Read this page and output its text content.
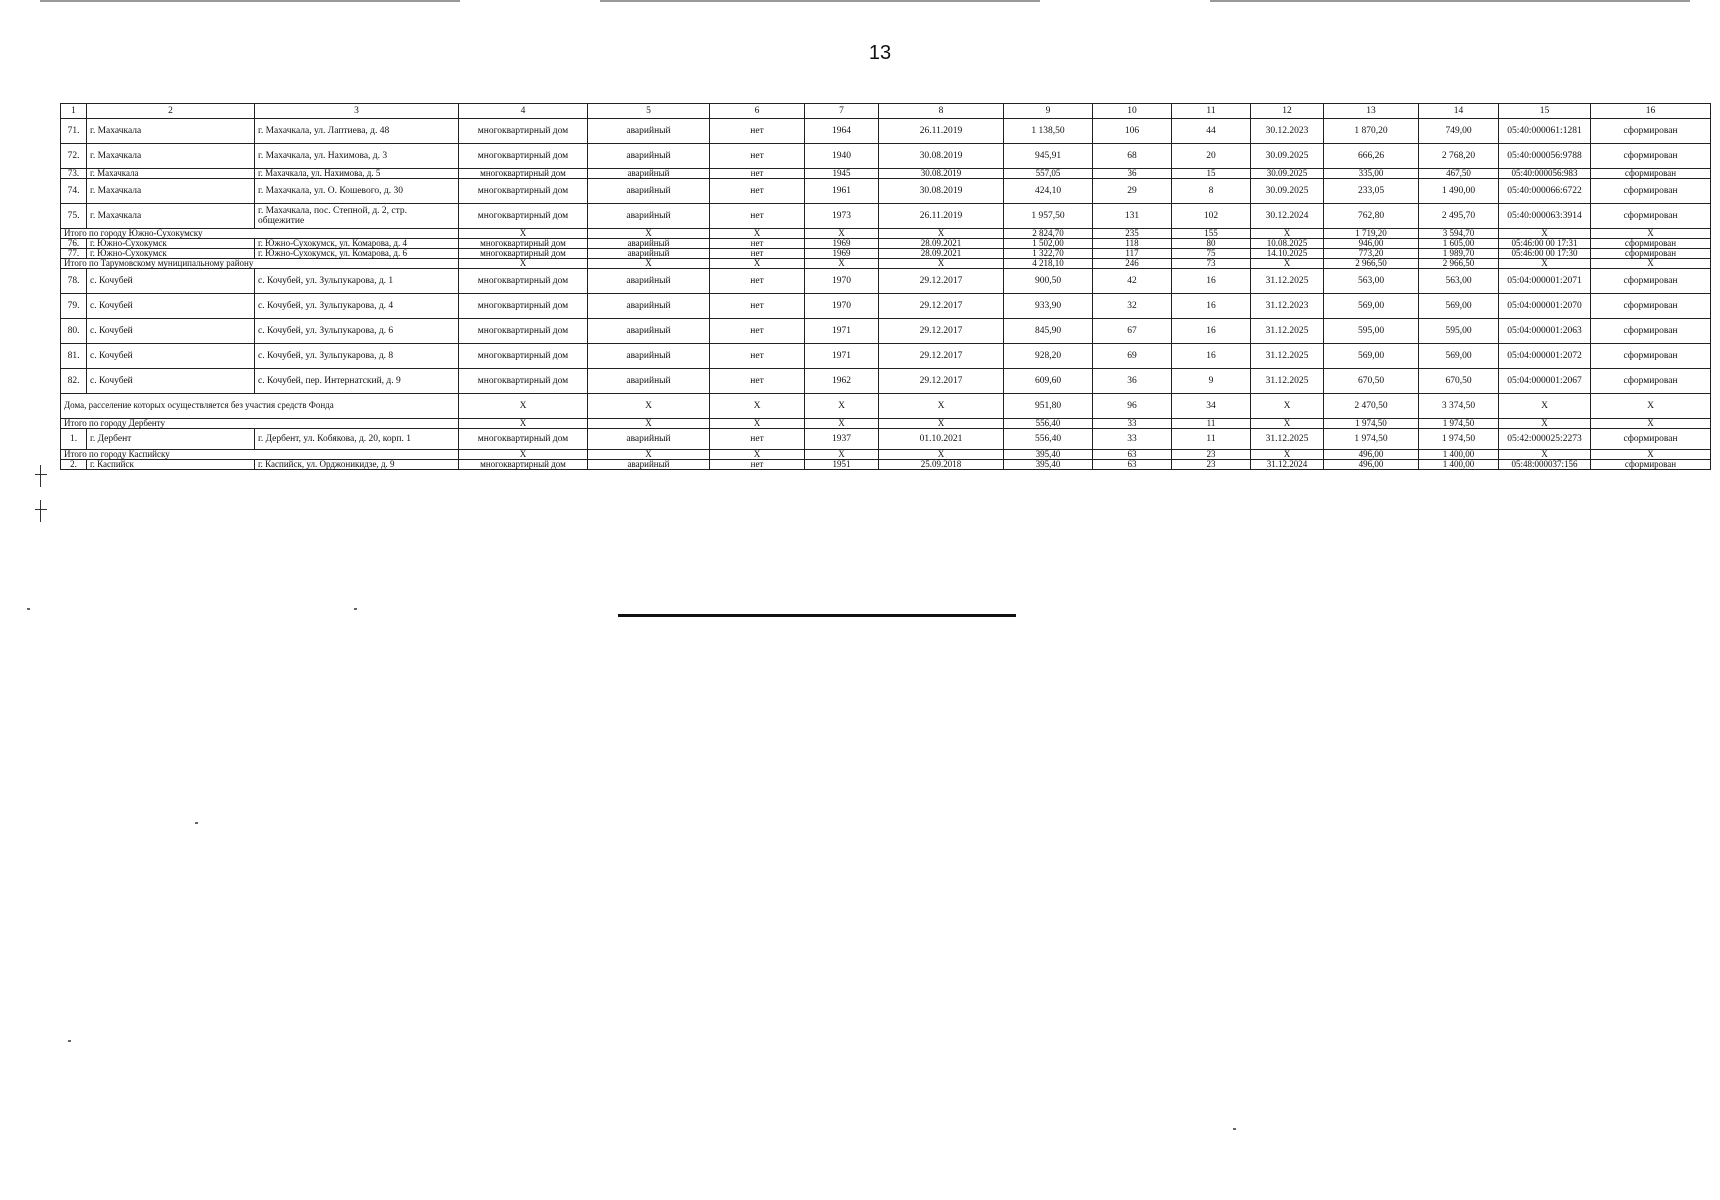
13
1	2	3	4	5	6	7	8	9	10	11	12	13	14	15	16
71.	г. Махачкала	г. Махачкала, ул. Лаптиева, д. 48	многоквартирный дом	аварийный	нет	1964	26.11.2019	1 138,50	106	44	30.12.2023	1 870,20	749,00	05:40:000061:1281	сформирован
72.	г. Махачкала	г. Махачкала, ул. Нахимова, д. 3	многоквартирный дом	аварийный	нет	1940	30.08.2019	945,91	68	20	30.09.2025	666,26	2 768,20	05:40:000056:9788	сформирован
73.	г. Махачкала	г. Махачкала, ул. Нахимова, д. 5	многоквартирный дом	аварийный	нет	1945	30.08.2019	557,05	36	15	30.09.2025	335,00	467,50	05:40:000056:983	сформирован
74.	г. Махачкала	г. Махачкала, ул. О. Кошевого, д. 30	многоквартирный дом	аварийный	нет	1961	30.08.2019	424,10	29	8	30.09.2025	233,05	1 490,00	05:40:000066:6722	сформирован
75.	г. Махачкала	г. Махачкала, пос. Степной, д. 2, стр. общежитие	многоквартирный дом	аварийный	нет	1973	26.11.2019	1 957,50	131	102	30.12.2024	762,80	2 495,70	05:40:000063:3914	сформирован
Итого по городу Южно-Сухокумску			X	X	X	X	X	2 824,70	235	155	X	1 719,20	3 594,70	X	X
76.	г. Южно-Сухокумск	г. Южно-Сухокумск, ул. Комарова, д. 4	многоквартирный дом	аварийный	нет	1969	28.09.2021	1 502,00	118	80	10.08.2025	946,00	1 605,00	05:46:00 00 17:31	сформирован
77.	г. Южно-Сухокумск	г. Южно-Сухокумск, ул. Комарова, д. 6	многоквартирный дом	аварийный	нет	1969	28.09.2021	1 322,70	117	75	14.10.2025	773,20	1 989,70	05:46:00 00 17:30	сформирован
Итого по Тарумовскому муниципальному району			X	X	X	X	X	4 218,10	246	73	X	2 966,50	2 966,50	X	X
78.	с. Кочубей	с. Кочубей, ул. Зульпукарова, д. 1	многоквартирный дом	аварийный	нет	1970	29.12.2017	900,50	42	16	31.12.2025	563,00	563,00	05:04:000001:2071	сформирован
79.	с. Кочубей	с. Кочубей, ул. Зульпукарова, д. 4	многоквартирный дом	аварийный	нет	1970	29.12.2017	933,90	32	16	31.12.2023	569,00	569,00	05:04:000001:2070	сформирован
80.	с. Кочубей	с. Кочубей, ул. Зульпукарова, д. 6	многоквартирный дом	аварийный	нет	1971	29.12.2017	845,90	67	16	31.12.2025	595,00	595,00	05:04:000001:2063	сформирован
81.	с. Кочубей	с. Кочубей, ул. Зульпукарова, д. 8	многоквартирный дом	аварийный	нет	1971	29.12.2017	928,20	69	16	31.12.2025	569,00	569,00	05:04:000001:2072	сформирован
82.	с. Кочубей	с. Кочубей, пер. Интернатский, д. 9	многоквартирный дом	аварийный	нет	1962	29.12.2017	609,60	36	9	31.12.2025	670,50	670,50	05:04:000001:2067	сформирован
Дома, расселение которых осуществляется без участия средств Фонда			X	X	X	X	X	951,80	96	34	X	2 470,50	3 374,50	X	X
Итого по городу Дербенту			X	X	X	X	X	556,40	33	11	X	1 974,50	1 974,50	X	X
1.	г. Дербент	г. Дербент, ул. Кобякова, д. 20, корп. 1	многоквартирный дом	аварийный	нет	1937	01.10.2021	556,40	33	11	31.12.2025	1 974,50	1 974,50	05:42:000025:2273	сформирован
Итого по городу Каспийску			X	X	X	X	X	395,40	63	23	X	496,00	1 400,00	X	X
2.	г. Каспийск	г. Каспийск, ул. Орджоникидзе, д. 9	многоквартирный дом	аварийный	нет	1951	25.09.2018	395,40	63	23	31.12.2024	496,00	1 400,00	05:48:000037:156	сформирован
